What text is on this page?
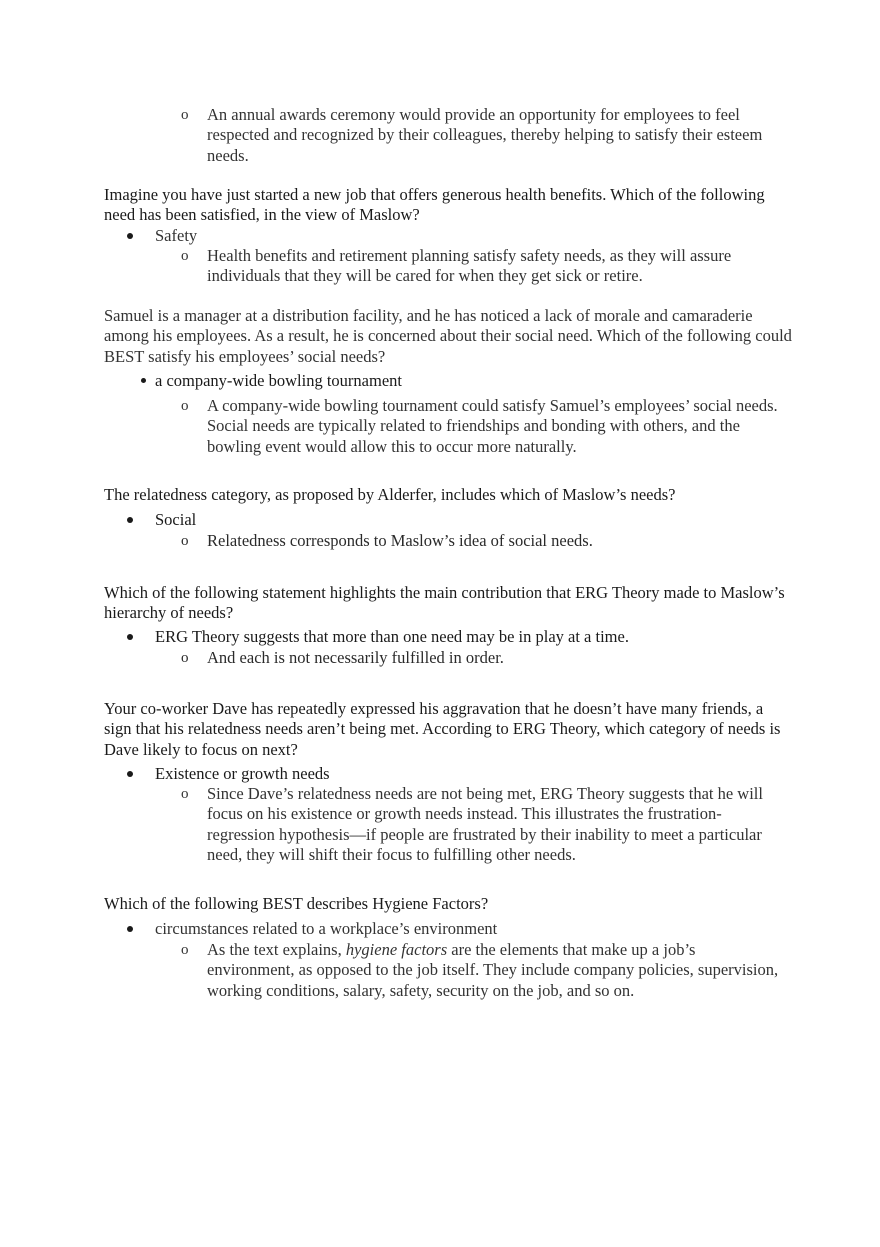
o An annual awards ceremony would provide an opportunity for employees to feel respected and recognized by their colleagues, thereby helping to satisfy their esteem needs.
Imagine you have just started a new job that offers generous health benefits. Which of the following need has been satisfied, in the view of Maslow?
Safety
o Health benefits and retirement planning satisfy safety needs, as they will assure individuals that they will be cared for when they get sick or retire.
Samuel is a manager at a distribution facility, and he has noticed a lack of morale and camaraderie among his employees. As a result, he is concerned about their social need. Which of the following could BEST satisfy his employees’ social needs?
a company-wide bowling tournament
o A company-wide bowling tournament could satisfy Samuel’s employees’ social needs. Social needs are typically related to friendships and bonding with others, and the bowling event would allow this to occur more naturally.
The relatedness category, as proposed by Alderfer, includes which of Maslow’s needs?
Social
o Relatedness corresponds to Maslow’s idea of social needs.
Which of the following statement highlights the main contribution that ERG Theory made to Maslow’s hierarchy of needs?
ERG Theory suggests that more than one need may be in play at a time.
o And each is not necessarily fulfilled in order.
Your co-worker Dave has repeatedly expressed his aggravation that he doesn’t have many friends, a sign that his relatedness needs aren’t being met. According to ERG Theory, which category of needs is Dave likely to focus on next?
Existence or growth needs
o Since Dave’s relatedness needs are not being met, ERG Theory suggests that he will focus on his existence or growth needs instead. This illustrates the frustration-regression hypothesis—if people are frustrated by their inability to meet a particular need, they will shift their focus to fulfilling other needs.
Which of the following BEST describes Hygiene Factors?
circumstances related to a workplace’s environment
o As the text explains, hygiene factors are the elements that make up a job’s environment, as opposed to the job itself. They include company policies, supervision, working conditions, salary, safety, security on the job, and so on.
